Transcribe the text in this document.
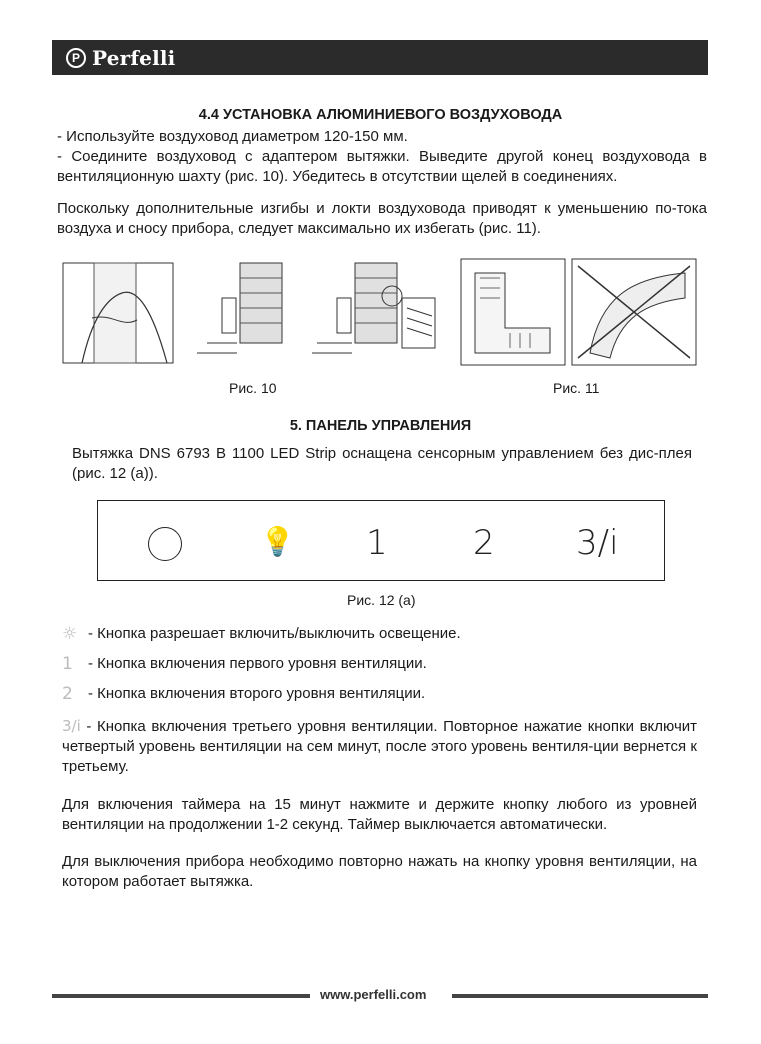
P Perfelli
4.4 УСТАНОВКА АЛЮМИНИЕВОГО ВОЗДУХОВОДА
- Используйте воздуховод диаметром 120-150 мм.
- Соедините воздуховод с адаптером вытяжки. Выведите другой конец воздуховода в вентиляционную шахту (рис. 10). Убедитесь в отсутствии щелей в соединениях.
Поскольку дополнительные изгибы и локти воздуховода приводят к уменьшению по-тока воздуха и сносу прибора, следует максимально их избегать (рис. 11).
Рис. 10	Рис. 11
5. ПАНЕЛЬ УПРАВЛЕНИЯ
Вытяжка DNS 6793 B 1100 LED Strip оснащена сенсорным управлением без дис-плея (рис. 12 (a)).
💡 1	2 3/i
Рис. 12 (a)
☼ - Кнопка разрешает включить/выключить освещение.
1	- Кнопка включения первого уровня вентиляции.
2	- Кнопка включения второго уровня вентиляции.
3/i - Кнопка включения третьего уровня вентиляции. Повторное нажатие кнопки включит четвертый уровень вентиляции на сем минут, после этого уровень вентиля-ции вернется к третьему.
Для включения таймера на 15 минут нажмите и держите кнопку любого из уровней вентиляции на продолжении 1-2 секунд. Таймер выключается автоматически.
Для выключения прибора необходимо повторно нажать на кнопку уровня вентиляции, на котором работает вытяжка.
www.perfelli.com
